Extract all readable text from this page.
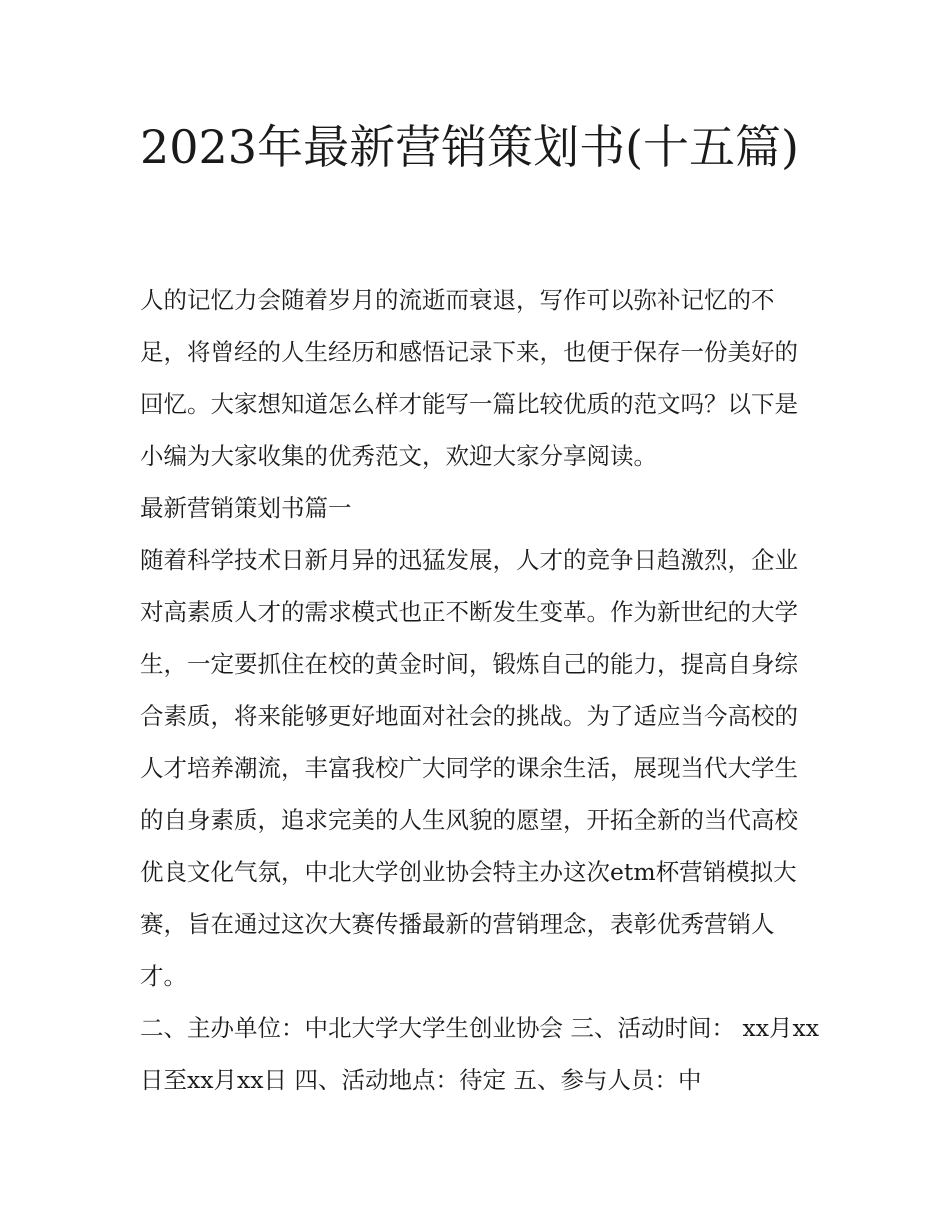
2023年最新营销策划书(十五篇)

人的记忆力会随着岁月的流逝而衰退，写作可以弥补记忆的不足，将曾经的人生经历和感悟记录下来，也便于保存一份美好的回忆。大家想知道怎么样才能写一篇比较优质的范文吗？以下是小编为大家收集的优秀范文，欢迎大家分享阅读。

最新营销策划书篇一

随着科学技术日新月异的迅猛发展，人才的竞争日趋激烈，企业对高素质人才的需求模式也正不断发生变革。作为新世纪的大学生，一定要抓住在校的黄金时间，锻炼自己的能力，提高自身综合素质，将来能够更好地面对社会的挑战。为了适应当今高校的人才培养潮流，丰富我校广大同学的课余生活，展现当代大学生的自身素质，追求完美的人生风貌的愿望，开拓全新的当代高校优良文化气氛，中北大学创业协会特主办这次etm杯营销模拟大赛，旨在通过这次大赛传播最新的营销理念，表彰优秀营销人才。

二、主办单位：中北大学大学生创业协会 三、活动时间： xx月xx日至xx月xx日 四、活动地点：待定 五、参与人员：中
